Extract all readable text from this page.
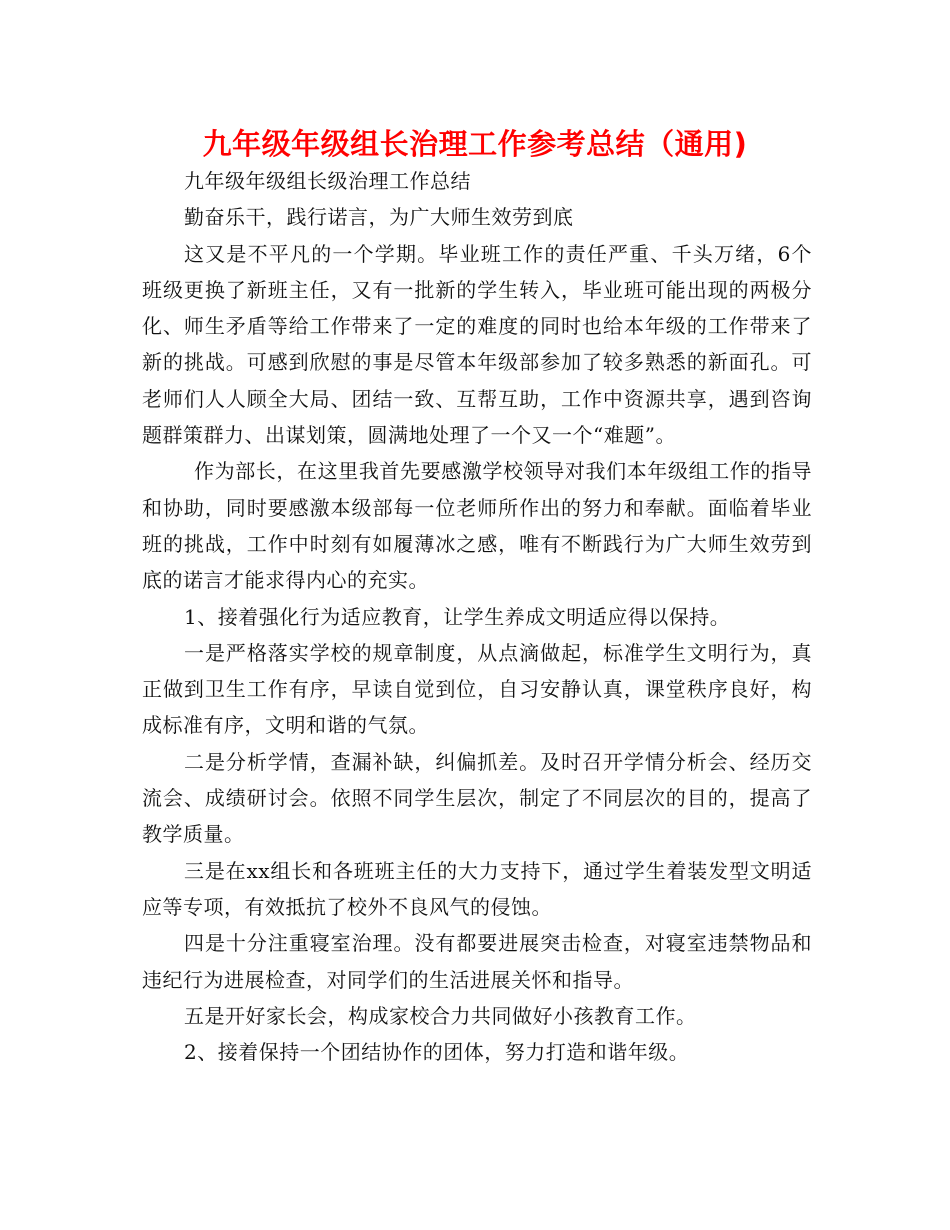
九年级年级组长治理工作参考总结（通用)

九年级年级组长级治理工作总结

勤奋乐干，践行诺言，为广大师生效劳到底

这又是不平凡的一个学期。毕业班工作的责任严重、千头万绪，6个班级更换了新班主任，又有一批新的学生转入，毕业班可能出现的两极分化、师生矛盾等给工作带来了一定的难度的同时也给本年级的工作带来了新的挑战。可感到欣慰的事是尽管本年级部参加了较多熟悉的新面孔。可老师们人人顾全大局、团结一致、互帮互助，工作中资源共享，遇到咨询题群策群力、出谋划策，圆满地处理了一个又一个“难题”。

作为部长，在这里我首先要感激学校领导对我们本年级组工作的指导和协助，同时要感激本级部每一位老师所作出的努力和奉献。面临着毕业班的挑战，工作中时刻有如履薄冰之感，唯有不断践行为广大师生效劳到底的诺言才能求得内心的充实。

1、接着强化行为适应教育，让学生养成文明适应得以保持。

一是严格落实学校的规章制度，从点滴做起，标准学生文明行为，真正做到卫生工作有序，早读自觉到位，自习安静认真，课堂秩序良好，构成标准有序，文明和谐的气氛。

二是分析学情，查漏补缺，纠偏抓差。及时召开学情分析会、经历交流会、成绩研讨会。依照不同学生层次，制定了不同层次的目的，提高了教学质量。

三是在xx组长和各班班主任的大力支持下，通过学生着装发型文明适应等专项，有效抵抗了校外不良风气的侵蚀。

四是十分注重寝室治理。没有都要进展突击检查，对寝室违禁物品和违纪行为进展检查，对同学们的生活进展关怀和指导。

五是开好家长会，构成家校合力共同做好小孩教育工作。

2、接着保持一个团结协作的团体，努力打造和谐年级。
